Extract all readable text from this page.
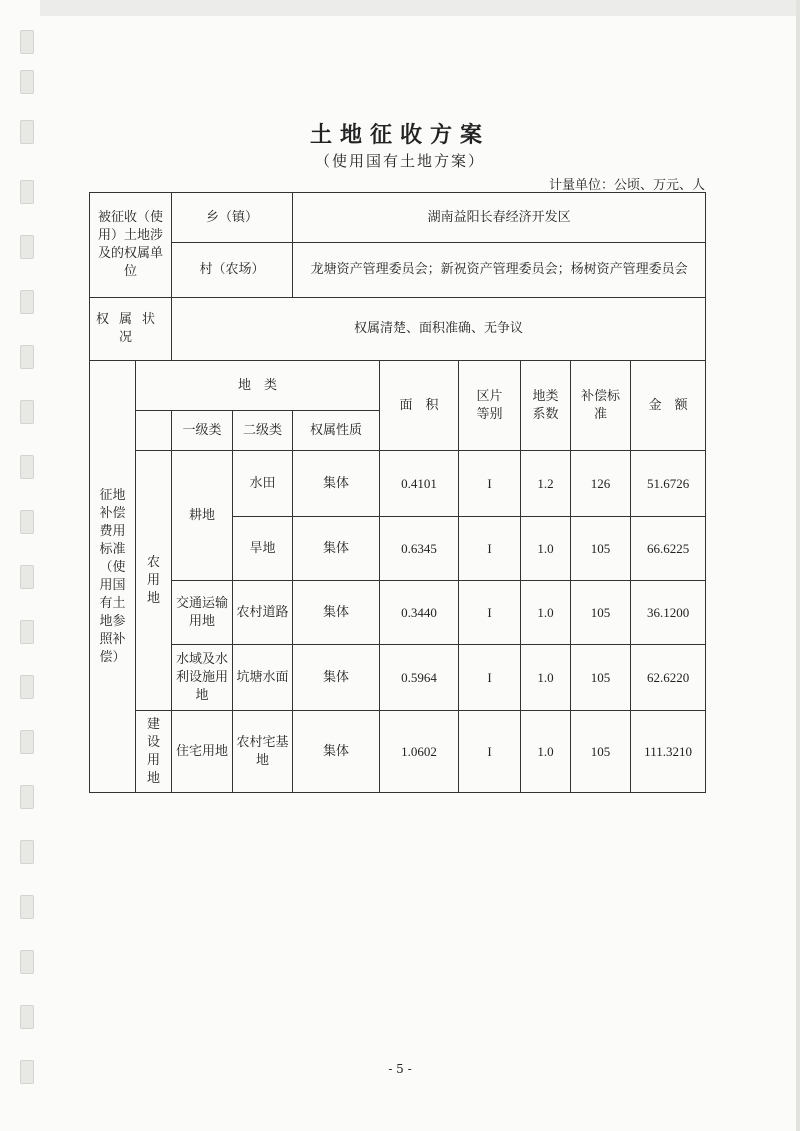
土地征收方案
（使用国有土地方案）
计量单位：公顷、万元、人
被征收（使用）土地涉及的权属单位		乡（镇）		湖南益阳长春经济开发区					
		村（农场）		龙塘资产管理委员会；新祝资产管理委员会；杨树资产管理委员会					
权属状况		权属清楚、面积准确、无争议							
征地补偿费用标准（使用国有土地参照补偿）	地　类				面　积	区片等别	地类系数	补偿标准	金　额
		一级类	二级类	权属性质					
	农用地	耕地	水田	集体	0.4101	I	1.2	126	51.6726
			旱地	集体	0.6345	I	1.0	105	66.6225
		交通运输用地	农村道路	集体	0.3440	I	1.0	105	36.1200
		水域及水利设施用地	坑塘水面	集体	0.5964	I	1.0	105	62.6220
	建设用地	住宅用地	农村宅基地	集体	1.0602	I	1.0	105	111.3210
- 5 -
